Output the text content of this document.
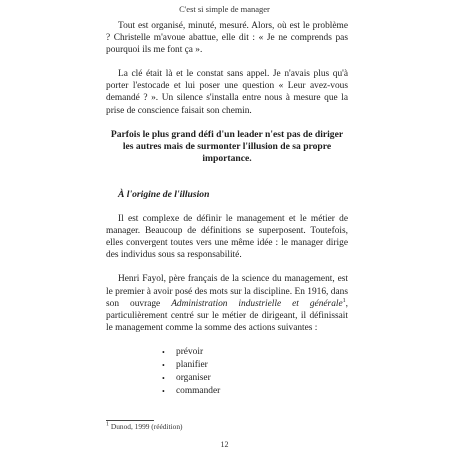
C'est si simple de manager

Tout est organisé, minuté, mesuré. Alors, où est le problème ? Christelle m'avoue abattue, elle dit : « Je ne comprends pas pourquoi ils me font ça ».

La clé était là et le constat sans appel. Je n'avais plus qu'à porter l'estocade et lui poser une question « Leur avez-vous demandé ? ». Un silence s'installa entre nous à mesure que la prise de conscience faisait son chemin.

Parfois le plus grand défi d'un leader n'est pas de diriger les autres mais de surmonter l'illusion de sa propre importance.

À l'origine de l'illusion

Il est complexe de définir le management et le métier de manager. Beaucoup de définitions se superposent. Toutefois, elles convergent toutes vers une même idée : le manager dirige des individus sous sa responsabilité.

Henri Fayol, père français de la science du management, est le premier à avoir posé des mots sur la discipline. En 1916, dans son ouvrage Administration industrielle et générale$^1$, particulièrement centré sur le métier de dirigeant, il définissait le management comme la somme des actions suivantes :

• prévoir
• planifier
• organiser
• commander
$^1$ Dunod, 1999 (réédition)
12
